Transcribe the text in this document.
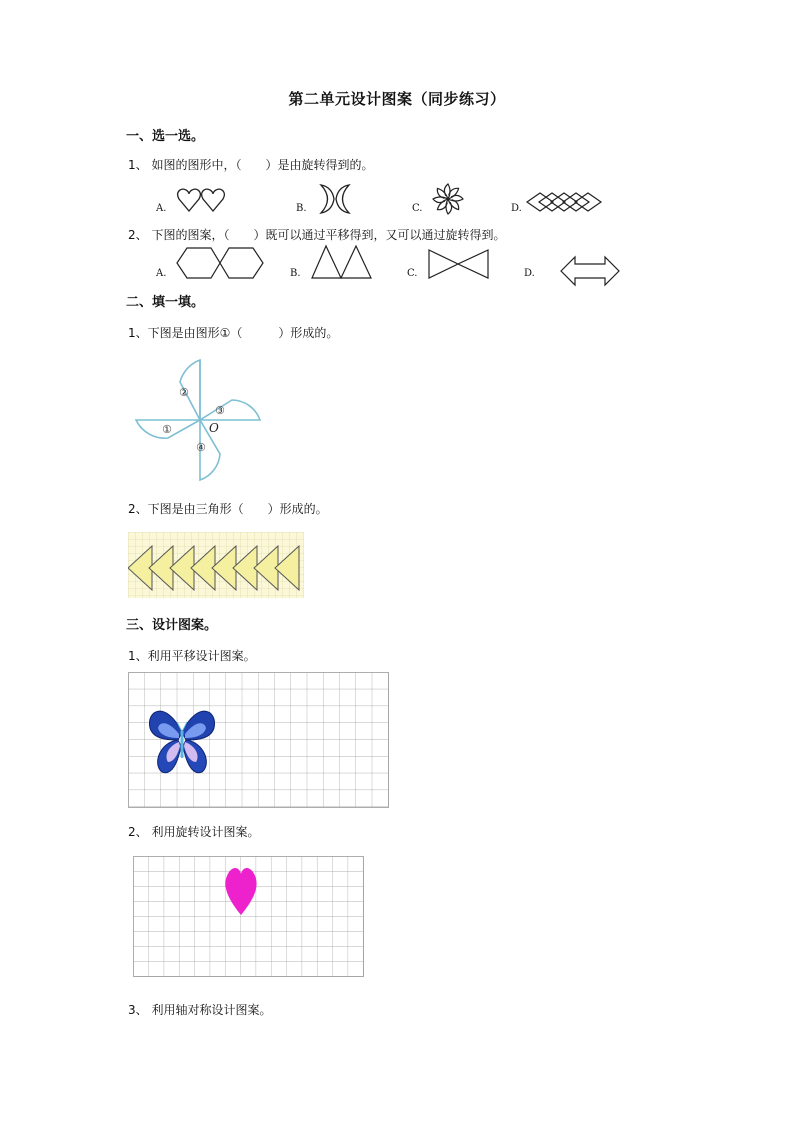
第二单元设计图案（同步练习）
一、选一选。
1、 如图的图形中，（　　）是由旋转得到的。
A.	B.	C.	D.
2、 下图的图案，（　　）既可以通过平移得到，又可以通过旋转得到。
A.	B.	C.	D.
二、填一填。
1、下图是由图形①（　　　）形成的。
②
③
①
④
O
2、下图是由三角形（　　）形成的。
三、设计图案。
1、利用平移设计图案。
2、 利用旋转设计图案。
3、 利用轴对称设计图案。
